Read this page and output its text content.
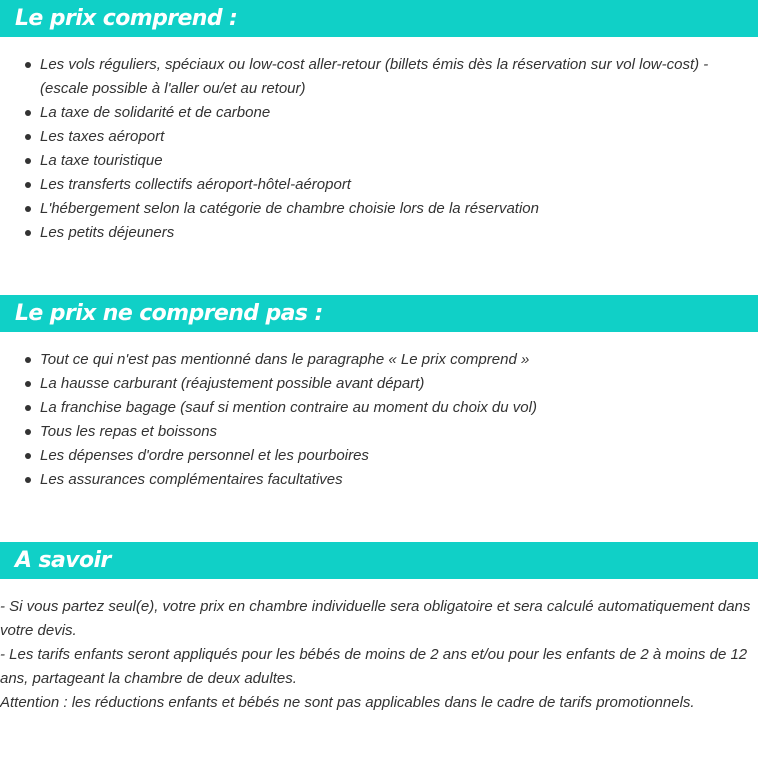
Le prix comprend :
Les vols réguliers, spéciaux ou low-cost aller-retour (billets émis dès la réservation sur vol low-cost) - (escale possible à l'aller ou/et au retour)
La taxe de solidarité et de carbone
Les taxes aéroport
La taxe touristique
Les transferts collectifs aéroport-hôtel-aéroport
L'hébergement selon la catégorie de chambre choisie lors de la réservation
Les petits déjeuners
Le prix ne comprend pas :
Tout ce qui n'est pas mentionné dans le paragraphe « Le prix comprend »
La hausse carburant (réajustement possible avant départ)
La franchise bagage (sauf si mention contraire au moment du choix du vol)
Tous les repas et boissons
Les dépenses d'ordre personnel et les pourboires
Les assurances complémentaires facultatives
A savoir

- Si vous partez seul(e), votre prix en chambre individuelle sera obligatoire et sera calculé automatiquement dans votre devis.

- Les tarifs enfants seront appliqués pour les bébés de moins de 2 ans et/ou pour les enfants de 2 à moins de 12 ans, partageant la chambre de deux adultes.

Attention : les réductions enfants et bébés ne sont pas applicables dans le cadre de tarifs promotionnels.
